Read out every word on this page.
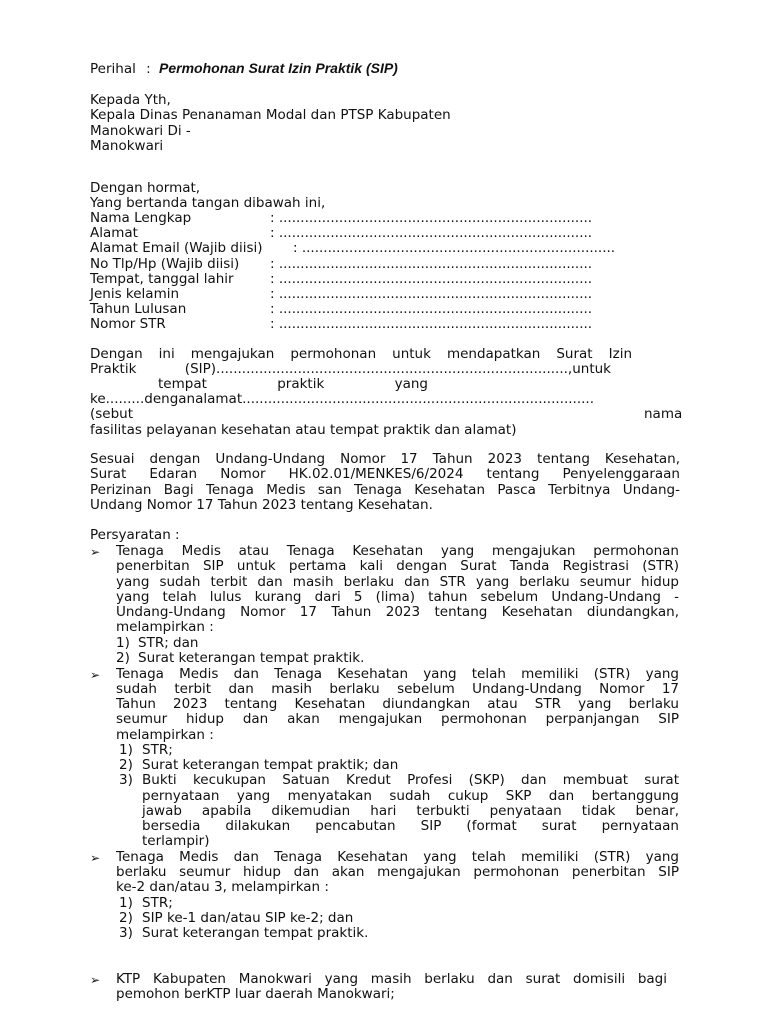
Perihal : Permohonan Surat Izin Praktik (SIP)
Kepada Yth,
Kepala Dinas Penanaman Modal dan PTSP Kabupaten
Manokwari Di -
Manokwari
Dengan hormat,
Yang bertanda tangan dibawah ini,
Nama Lengkap	: .........................................................................
Alamat	: .........................................................................
Alamat Email (Wajib diisi) : .........................................................................
No Tlp/Hp (Wajib diisi) : .........................................................................
Tempat, tanggal lahir	: .........................................................................
Jenis kelamin	: .........................................................................
Tahun Lulusan	: .........................................................................
Nomor STR	: .........................................................................
Dengan ini mengajukan permohonan untuk mendapatkan Surat Izin
Praktik (SIP)..................................................................................,untuk
tempat praktik yang
ke.........denganalamat..................................................................................
(sebut	nama
fasilitas pelayanan kesehatan atau tempat praktik dan alamat)
Sesuai dengan Undang-Undang Nomor 17 Tahun 2023 tentang Kesehatan,
Surat Edaran Nomor HK.02.01/MENKES/6/2024 tentang Penyelenggaraan
Perizinan Bagi Tenaga Medis san Tenaga Kesehatan Pasca Terbitnya Undang-
Undang Nomor 17 Tahun 2023 tentang Kesehatan.
Persyaratan :
➢ Tenaga Medis atau Tenaga Kesehatan yang mengajukan permohonan
penerbitan SIP untuk pertama kali dengan Surat Tanda Registrasi (STR)
yang sudah terbit dan masih berlaku dan STR yang berlaku seumur hidup
yang telah lulus kurang dari 5 (lima) tahun sebelum Undang-Undang -
Undang-Undang Nomor 17 Tahun 2023 tentang Kesehatan diundangkan,
melampirkan :
1) STR; dan
2) Surat keterangan tempat praktik.
➢ Tenaga Medis dan Tenaga Kesehatan yang telah memiliki (STR) yang
sudah terbit dan masih berlaku sebelum Undang-Undang Nomor 17
Tahun 2023 tentang Kesehatan diundangkan atau STR yang berlaku
seumur hidup dan akan mengajukan permohonan perpanjangan SIP
melampirkan :
1) STR;
2) Surat keterangan tempat praktik; dan
3) Bukti kecukupan Satuan Kredut Profesi (SKP) dan membuat surat
pernyataan yang menyatakan sudah cukup SKP dan bertanggung
jawab apabila dikemudian hari terbukti penyataan tidak benar,
bersedia dilakukan pencabutan SIP (format surat pernyataan
terlampir)
➢ Tenaga Medis dan Tenaga Kesehatan yang telah memiliki (STR) yang
berlaku seumur hidup dan akan mengajukan permohonan penerbitan SIP
ke-2 dan/atau 3, melampirkan :
1) STR;
2) SIP ke-1 dan/atau SIP ke-2; dan
3) Surat keterangan tempat praktik.
➢ KTP Kabupaten Manokwari yang masih berlaku dan surat domisili bagi
pemohon berKTP luar daerah Manokwari;
